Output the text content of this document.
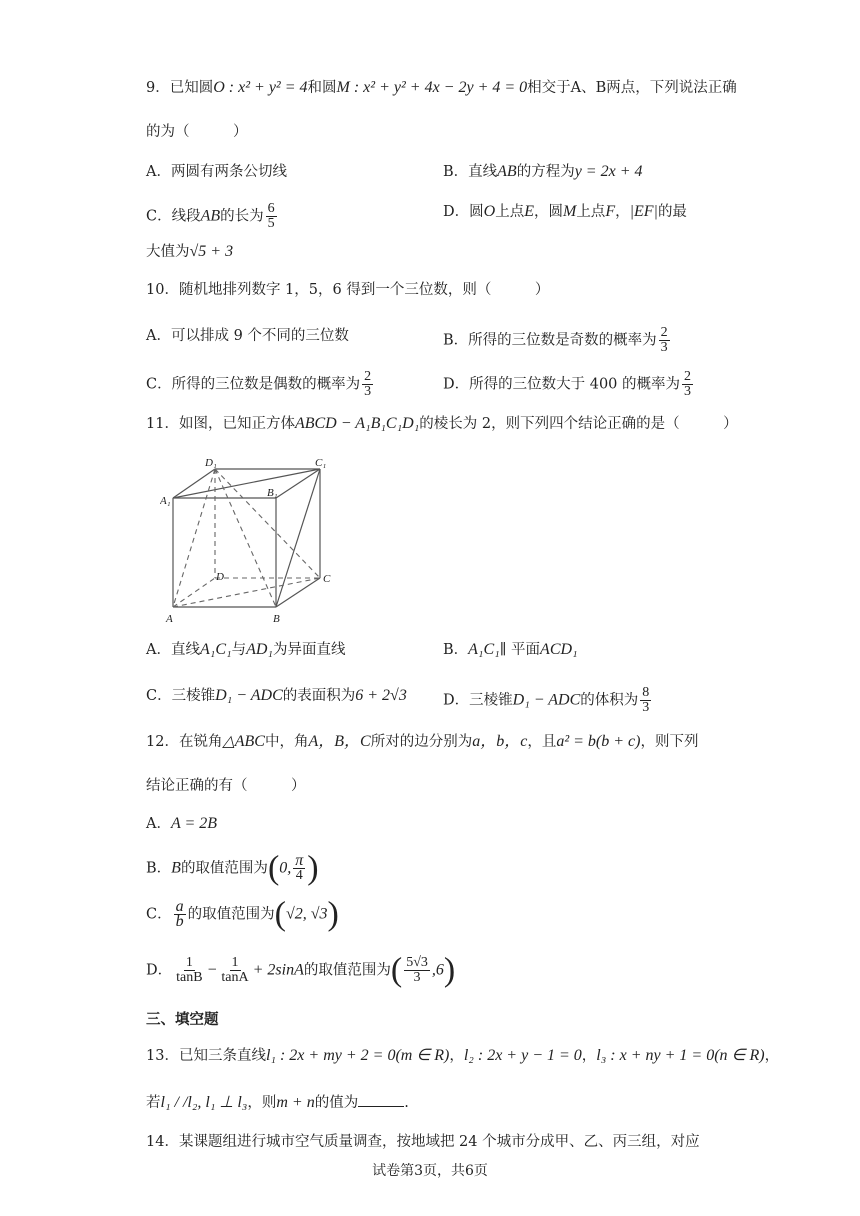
9．已知圆O : x² + y² = 4和圆M : x² + y² + 4x − 2y + 4 = 0相交于A、B两点，下列说法正确
的为（　　　）
A．两圆有两条公切线	B．直线AB的方程为y = 2x + 4
C．线段AB的长为 $\frac{6}{5}$	D．圆O上点E，圆M上点F，|EF|的最
大值为√5 + 3
10．随机地排列数字 1，5，6 得到一个三位数，则（　　　）
A．可以排成 9 个不同的三位数	B．所得的三位数是奇数的概率为 $\frac{2}{3}$
C．所得的三位数是偶数的概率为 $\frac{2}{3}$	D．所得的三位数大于 400 的概率为 $\frac{2}{3}$
11．如图，已知正方体ABCD − A₁B₁C₁D₁的棱长为 2，则下列四个结论正确的是（　　　）
D₁	C₁
A₁
B₁
D	C
A	B
A．直线A₁C₁与AD₁为异面直线	B．A₁C₁∥ 平面ACD₁
C．三棱锥D₁ − ADC的表面积为6 + 2√3 D．三棱锥D₁ − ADC的体积为 $\frac{8}{3}$
12．在锐角△ABC中，角A，B，C所对的边分别为a，b，c，且a² = b(b + c)，则下列
结论正确的有（　　　）
A．A = 2B
B．B的取值范围为(0, $\frac{\pi}{4}$ )
C． $\frac{a}{b}$ 的取值范围为(√2, √3)
D． $\frac{1}{\tan B} - \frac{1}{\tan A} + 2\sin A$的取值范围为( $\frac{5√3}{3} ,6$)
三、填空题
13．已知三条直线l₁ : 2x + my + 2 = 0(m ∈ R)，l₂ : 2x + y − 1 = 0，l₃ : x + ny + 1 = 0(n ∈ R)，
若l₁ / /l₂, l₁ ⊥ l₃，则m + n的值为	.
14．某课题组进行城市空气质量调查，按地域把 24 个城市分成甲、乙、丙三组，对应
试卷第3页，共6页
